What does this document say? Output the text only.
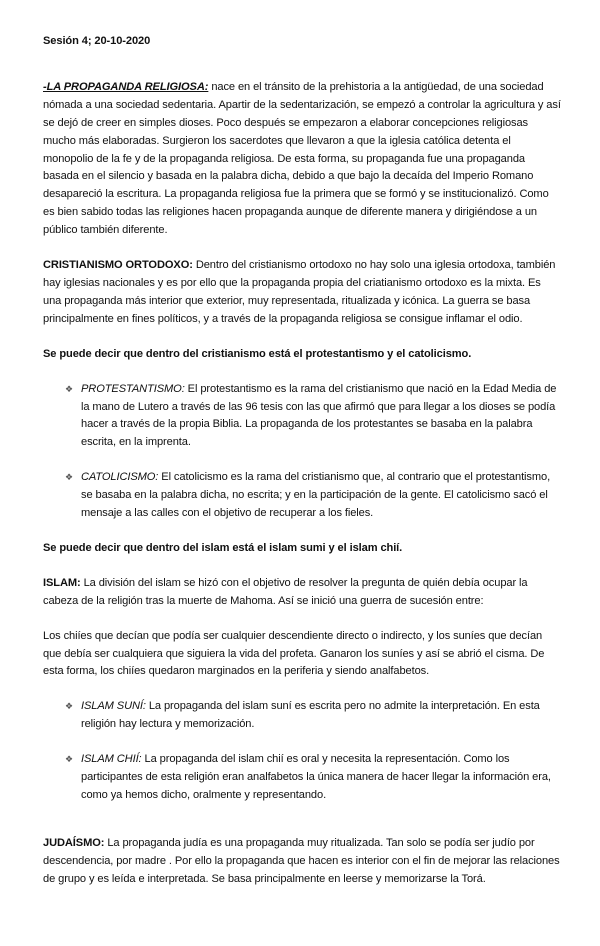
Sesión 4; 20-10-2020
-LA PROPAGANDA RELIGIOSA: nace en el tránsito de la prehistoria a la antigüedad, de una sociedad nómada a una sociedad sedentaria. Apartir de la sedentarización, se empezó a controlar la agricultura y así se dejó de creer en simples dioses. Poco después se empezaron a elaborar concepciones religiosas mucho más elaboradas. Surgieron los sacerdotes que llevaron a que la iglesia católica detenta el monopolio de la fe y de la propaganda religiosa. De esta forma, su propaganda fue una propaganda basada en el silencio y basada en la palabra dicha, debido a que bajo la decaída del Imperio Romano desapareció la escritura. La propaganda religiosa fue la primera que se formó y se institucionalizó. Como es bien sabido todas las religiones hacen propaganda aunque de diferente manera y dirigiéndose a un público también diferente.
CRISTIANISMO ORTODOXO: Dentro del cristianismo ortodoxo no hay solo una iglesia ortodoxa, también hay iglesias nacionales y es por ello que la propaganda propia del criatianismo ortodoxo es la mixta. Es una propaganda más interior que exterior, muy representada, ritualizada y icónica. La guerra se basa principalmente en fines políticos, y a través de la propaganda religiosa se consigue inflamar el odio.
Se puede decir que dentro del cristianismo está el protestantismo y el catolicismo.
❖ PROTESTANTISMO: El protestantismo es la rama del cristianismo que nació en la Edad Media de la mano de Lutero a través de las 96 tesis con las que afirmó que para llegar a los dioses se podía hacer a través de la propia Biblia. La propaganda de los protestantes se basaba en la palabra escrita, en la imprenta.
❖ CATOLICISMO: El catolicismo es la rama del cristianismo que, al contrario que el protestantismo, se basaba en la palabra dicha, no escrita; y en la participación de la gente. El catolicismo sacó el mensaje a las calles con el objetivo de recuperar a los fieles.
Se puede decir que dentro del islam está el islam sumi y el islam chií.
ISLAM: La división del islam se hizó con el objetivo de resolver la pregunta de quién debía ocupar la cabeza de la religión tras la muerte de Mahoma. Así se inició una guerra de sucesión entre:
Los chiíes que decían que podía ser cualquier descendiente directo o indirecto, y los suníes que decían que debía ser cualquiera que siguiera la vida del profeta. Ganaron los suníes y así se abrió el cisma. De esta forma, los chiíes quedaron marginados en la periferia y siendo analfabetos.
❖ ISLAM SUNÍ: La propaganda del islam suní es escrita pero no admite la interpretación. En esta religión hay lectura y memorización.
❖ ISLAM CHIÍ: La propaganda del islam chií es oral y necesita la representación. Como los participantes de esta religión eran analfabetos la única manera de hacer llegar la información era, como ya hemos dicho, oralmente y representando.
JUDAÍSMO: La propaganda judía es una propaganda muy ritualizada. Tan solo se podía ser judío por descendencia, por madre . Por ello la propaganda que hacen es interior con el fin de mejorar las relaciones de grupo y es leída e interpretada. Se basa principalmente en leerse y memorizarse la Torá.
